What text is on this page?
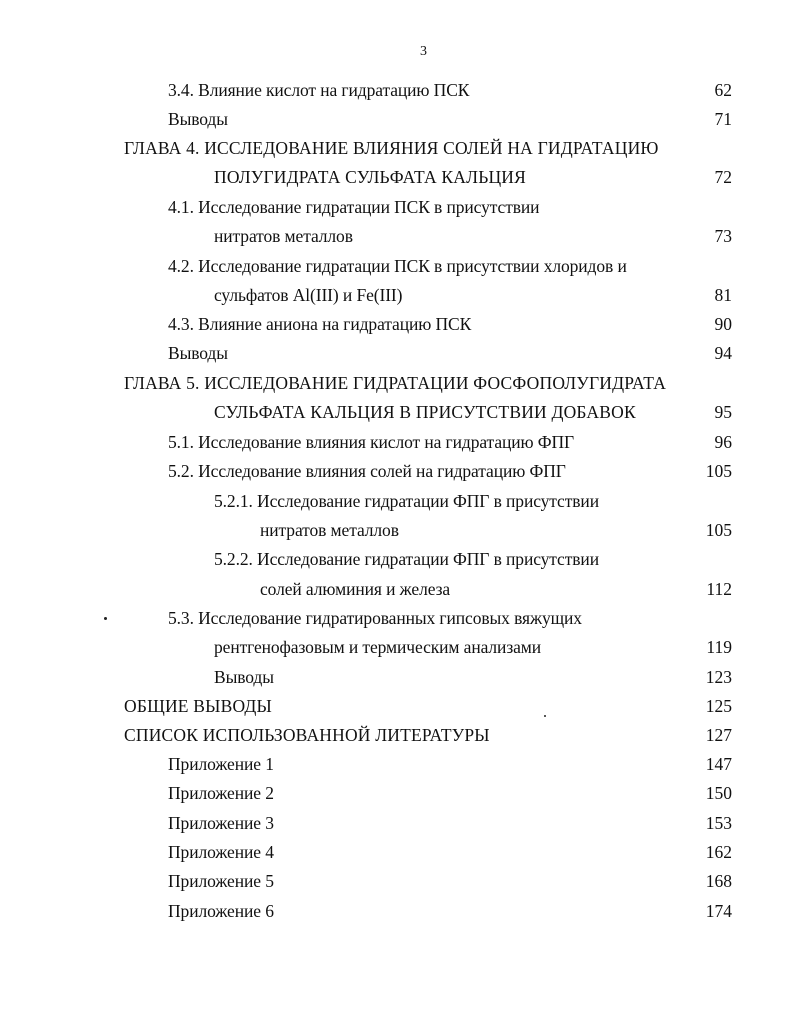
3
3.4. Влияние кислот на гидратацию ПСК	62
Выводы	71
ГЛАВА 4. ИССЛЕДОВАНИЕ ВЛИЯНИЯ СОЛЕЙ НА ГИДРАТАЦИЮ
ПОЛУГИДРАТА СУЛЬФАТА КАЛЬЦИЯ	72
4.1. Исследование гидратации ПСК в присутствии
нитратов металлов	73
4.2. Исследование гидратации ПСК в присутствии хлоридов и
сульфатов Al(III) и Fe(III)	81
4.3. Влияние аниона на гидратацию ПСК	90
Выводы	94
ГЛАВА 5. ИССЛЕДОВАНИЕ ГИДРАТАЦИИ ФОСФОПОЛУГИДРАТА
СУЛЬФАТА КАЛЬЦИЯ В ПРИСУТСТВИИ ДОБАВОК	95
5.1. Исследование влияния кислот на гидратацию ФПГ	96
5.2. Исследование влияния солей на гидратацию ФПГ	105
5.2.1. Исследование гидратации ФПГ в присутствии
нитратов металлов	105
5.2.2. Исследование гидратации ФПГ в присутствии
солей алюминия и железа	112
5.3. Исследование гидратированных гипсовых вяжущих
рентгенофазовым и термическим анализами	119
Выводы	123
ОБЩИЕ ВЫВОДЫ	125
СПИСОК ИСПОЛЬЗОВАННОЙ ЛИТЕРАТУРЫ	127
Приложение 1	147
Приложение 2	150
Приложение 3	153
Приложение 4	162
Приложение 5	168
Приложение 6	174
